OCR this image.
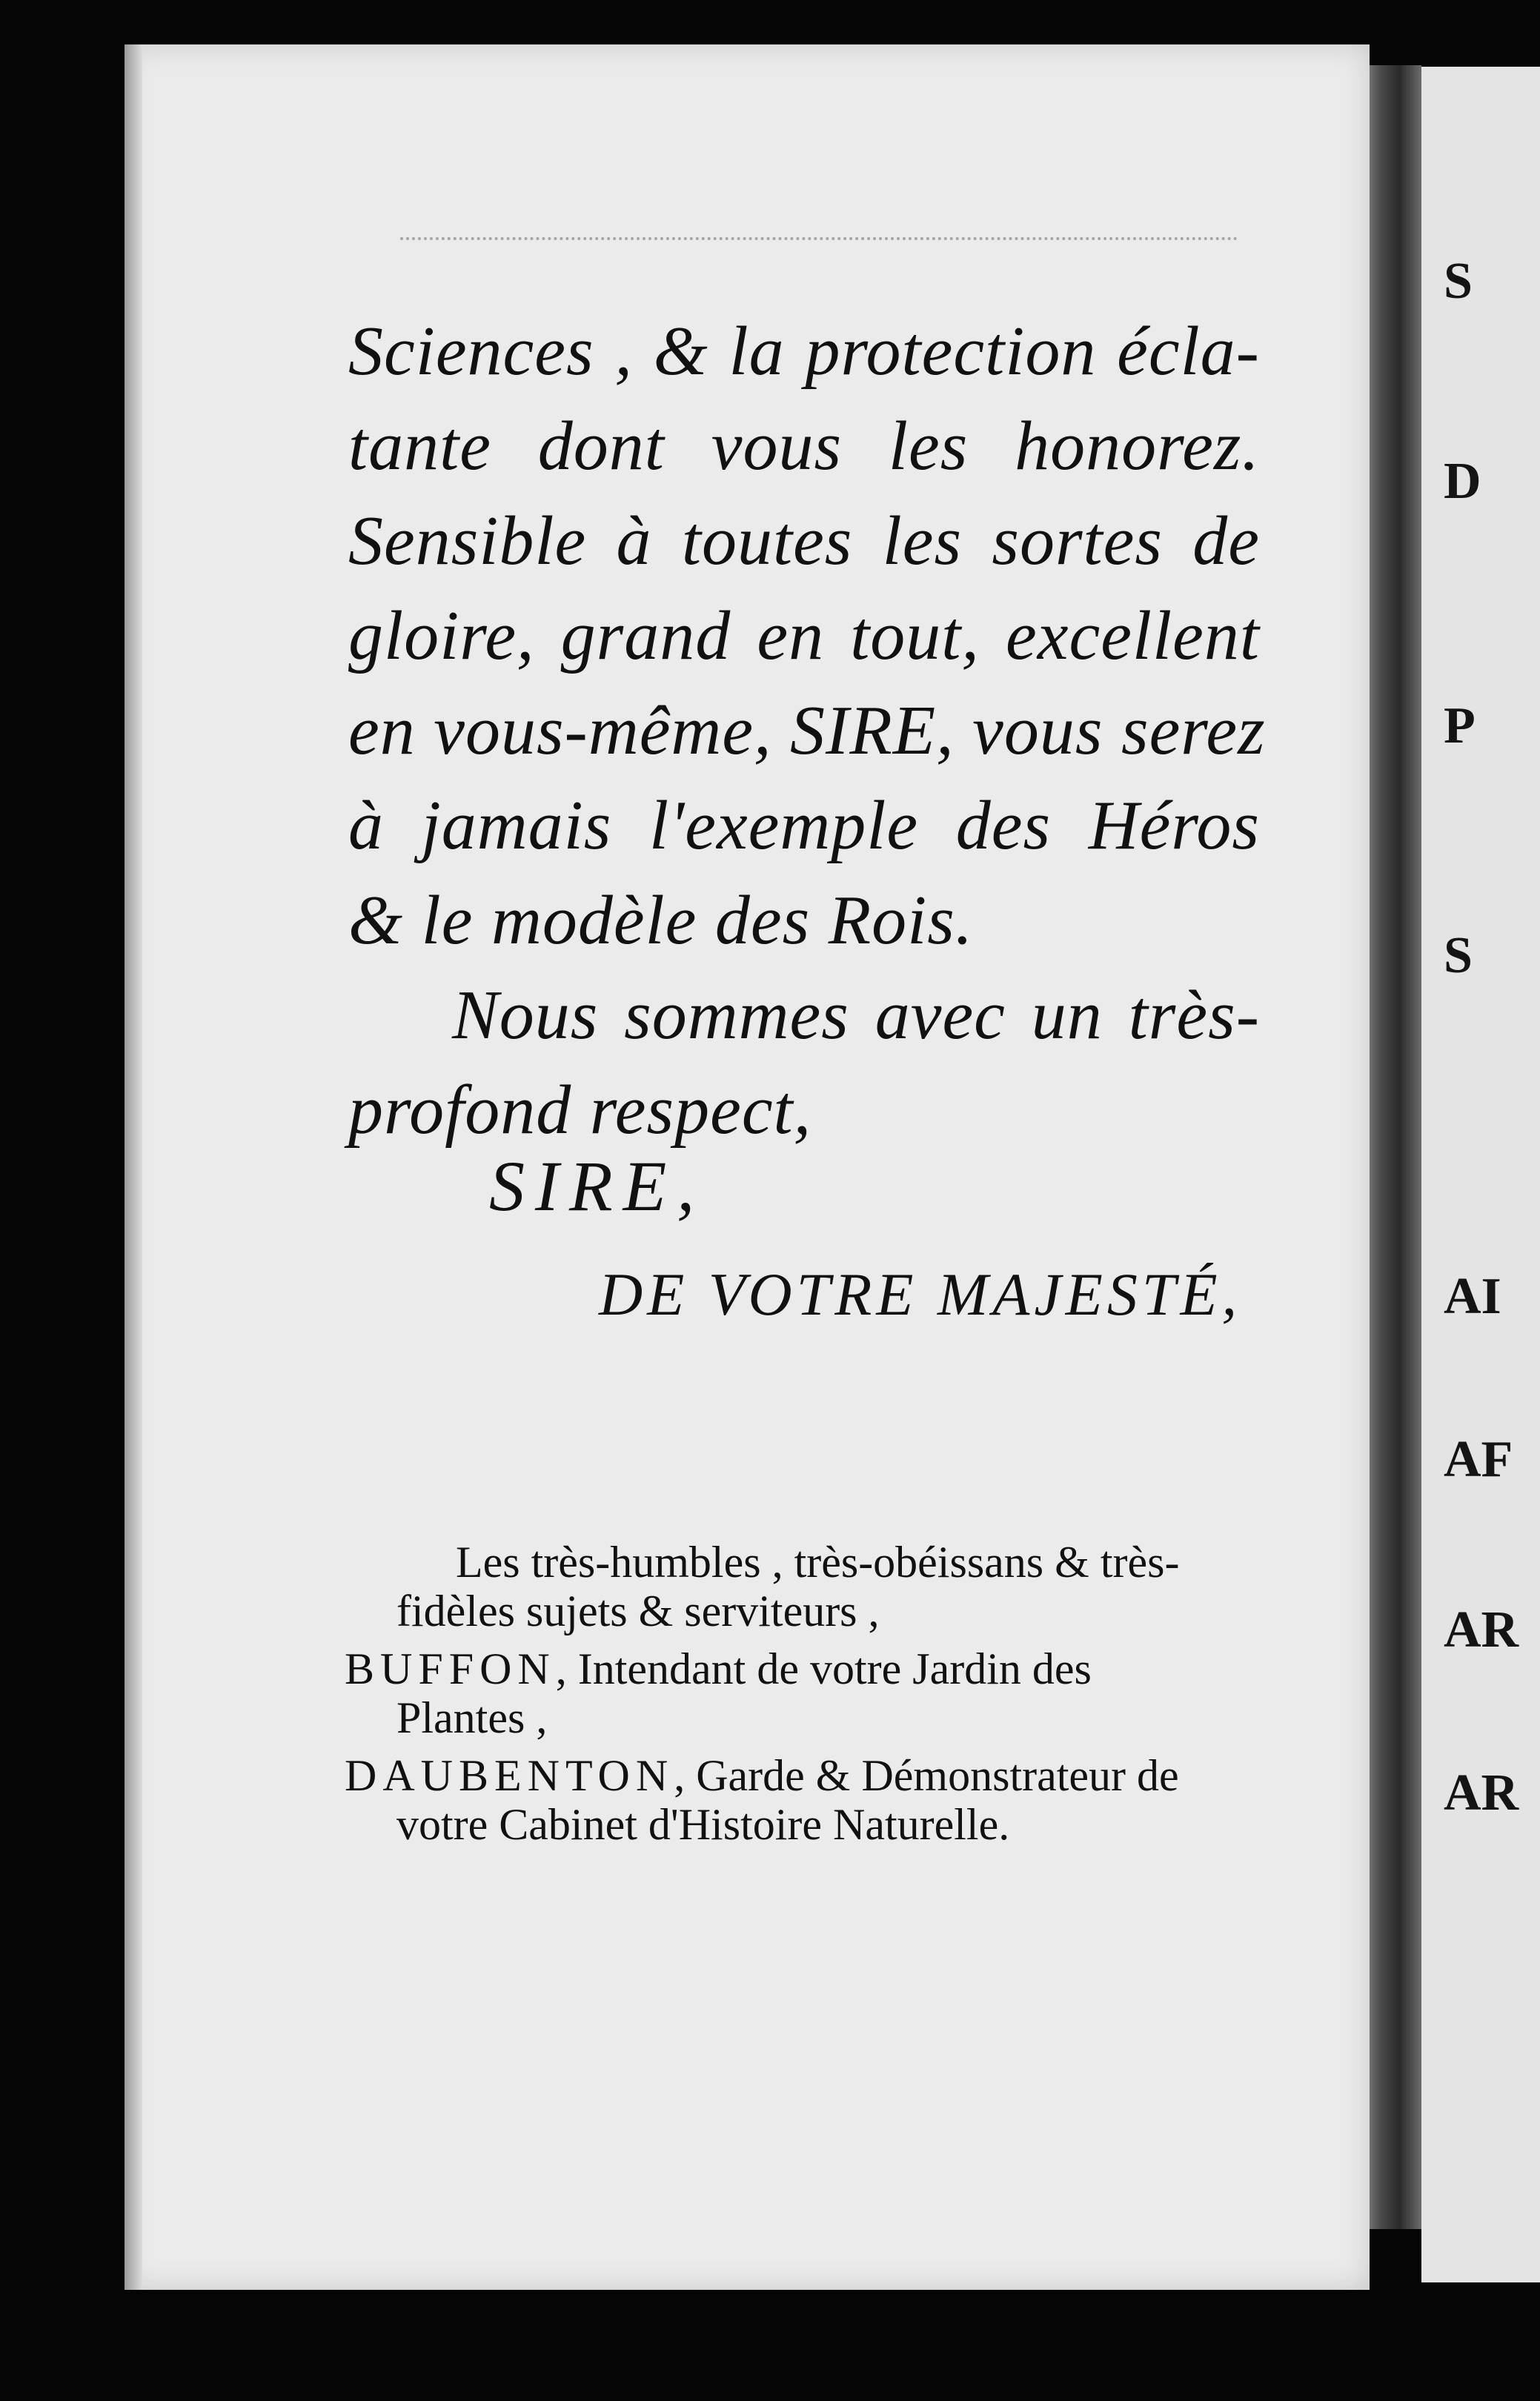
S
D
P
S
AI
AF
AR
AR
Sciences , & la protection écla-
tante dont vous les honorez.
Sensible à toutes les sortes de
gloire, grand en tout, excellent
en vous-même, SIRE, vous serez
à jamais l'exemple des Héros
& le modèle des Rois.
Nous sommes avec un très-
profond respect,
SIRE,
DE VOTRE MAJESTÉ,

Les très-humbles , très-obéissans & très-
fidèles sujets & serviteurs ,

BUFFON, Intendant de votre Jardin des
Plantes ,

DAUBENTON, Garde & Démonstrateur de
votre Cabinet d'Histoire Naturelle.
